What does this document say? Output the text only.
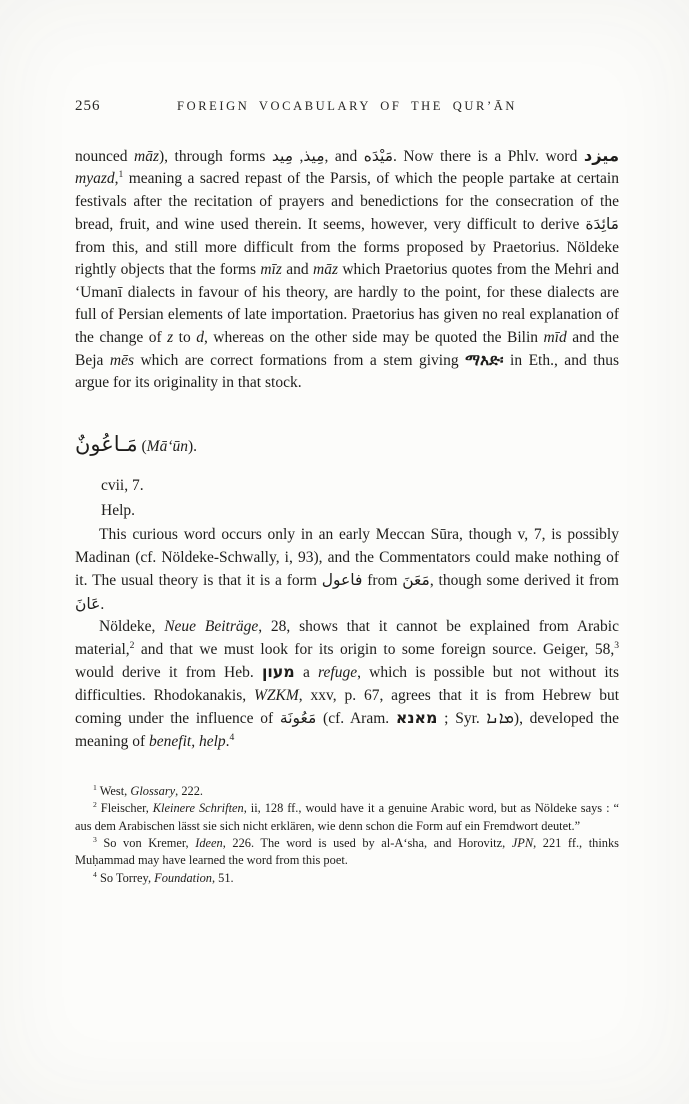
256	FOREIGN VOCABULARY OF THE QUR’ĀN

nounced māz), through forms مِيذ, مِيد , and مَيْدَه. Now there is a Phlv. word ميزد myazd,$^1$ meaning a sacred repast of the Parsis, of which the people partake at certain festivals after the recitation of prayers and benedictions for the consecration of the bread, fruit, and wine used therein. It seems, however, very difficult to derive مَائِدَة from this, and still more difficult from the forms proposed by Praetorius. Nöldeke rightly objects that the forms mīz and māz which Praetorius quotes from the Mehri and ‘Umanī dialects in favour of his theory, are hardly to the point, for these dialects are full of Persian elements of late importation. Praetorius has given no real explanation of the change of z to d, whereas on the other side may be quoted the Bilin mīd and the Beja mēs which are correct formations from a stem giving ማእድ፡ in Eth., and thus argue for its originality in that stock.

مَـاعُونٌ (Mā‘ūn).

cvii, 7.

Help.

This curious word occurs only in an early Meccan Sūra, though v, 7, is possibly Madinan (cf. Nöldeke-Schwally, i, 93), and the Commentators could make nothing of it. The usual theory is that it is a form فاعول from مَعَنَ, though some derived it from عَانَ.

Nöldeke, Neue Beiträge, 28, shows that it cannot be explained from Arabic material,$^2$ and that we must look for its origin to some foreign source. Geiger, 58,$^3$ would derive it from Heb. מעון a refuge, which is possible but not without its difficulties. Rhodokanakis, WZKM, xxv, p. 67, agrees that it is from Hebrew but coming under the influence of مَعُونَة (cf. Aram. מאנא ; Syr. ܡܐܢܐ), developed the meaning of benefit, help.$^4$

$^1$ West, Glossary, 222.

$^2$ Fleischer, Kleinere Schriften, ii, 128 ff., would have it a genuine Arabic word, but as Nöldeke says : “ aus dem Arabischen lässt sie sich nicht erklären, wie denn schon die Form auf ein Fremdwort deutet.”

$^3$ So von Kremer, Ideen, 226. The word is used by al-A‘sha, and Horovitz, JPN, 221 ff., thinks Muḥammad may have learned the word from this poet.

$^4$ So Torrey, Foundation, 51.
